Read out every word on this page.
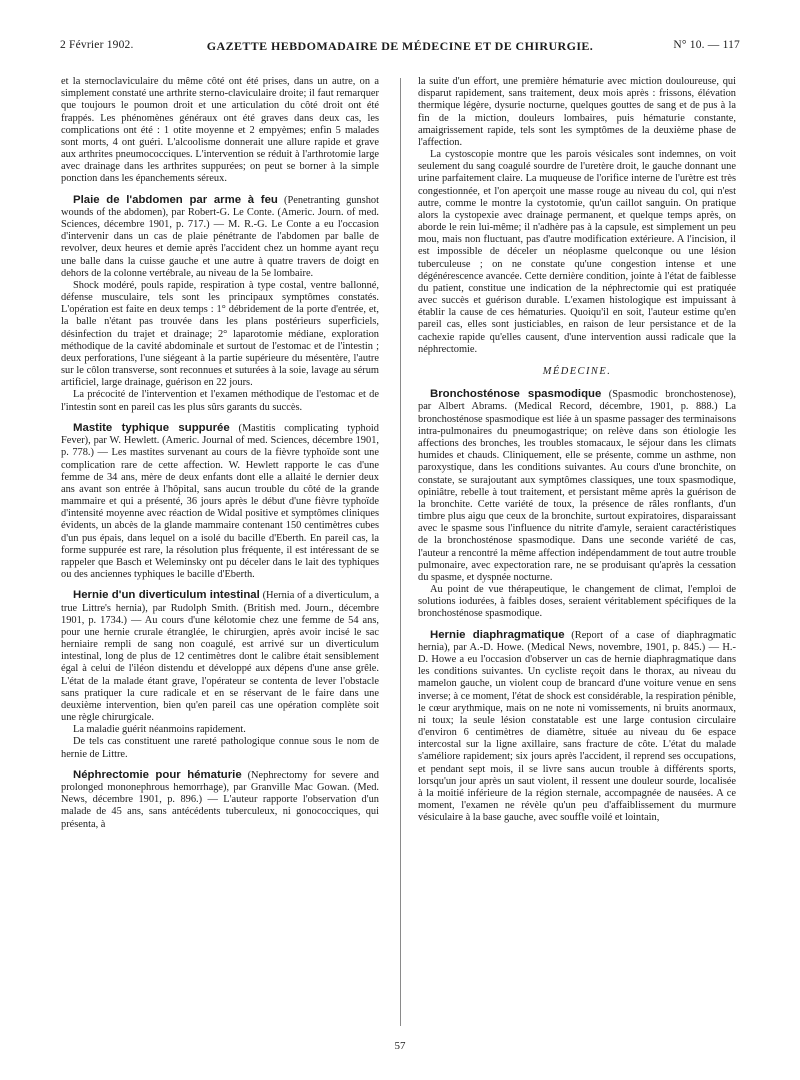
2 Février 1902.	GAZETTE HEBDOMADAIRE DE MÉDECINE ET DE CHIRURGIE.	N° 10. — 117

et la sternoclaviculaire du même côté ont été prises, dans un autre, on a simplement constaté une arthrite sterno-claviculaire droite; il faut remarquer que toujours le poumon droit et une articulation du côté droit ont été frappés. Les phénomènes généraux ont été graves dans deux cas, les complications ont été : 1 otite moyenne et 2 empyèmes; enfin 5 malades sont morts, 4 ont guéri. L'alcoolisme donnerait une allure rapide et grave aux arthrites pneumococciques. L'intervention se réduit à l'arthrotomie large avec drainage dans les arthrites suppurées; on peut se borner à la simple ponction dans les épanchements séreux.

Plaie de l'abdomen par arme à feu (Penetranting gunshot wounds of the abdomen), par Robert-G. Le Conte. (Americ. Journ. of med. Sciences, décembre 1901, p. 717.) — M. R.-G. Le Conte a eu l'occasion d'intervenir dans un cas de plaie pénétrante de l'abdomen par balle de revolver, deux heures et demie après l'accident chez un homme ayant reçu une balle dans la cuisse gauche et une autre à quatre travers de doigt en dehors de la colonne vertébrale, au niveau de la 5e lombaire.

Shock modéré, pouls rapide, respiration à type costal, ventre ballonné, défense musculaire, tels sont les principaux symptômes constatés. L'opération est faite en deux temps : 1° débridement de la porte d'entrée, et, la balle n'étant pas trouvée dans les plans postérieurs superficiels, désinfection du trajet et drainage; 2° laparotomie médiane, exploration méthodique de la cavité abdominale et surtout de l'estomac et de l'intestin ; deux perforations, l'une siégeant à la partie supérieure du mésentère, l'autre sur le côlon transverse, sont reconnues et suturées à la soie, lavage au sérum artificiel, large drainage, guérison en 22 jours.

La précocité de l'intervention et l'examen méthodique de l'estomac et de l'intestin sont en pareil cas les plus sûrs garants du succès.

Mastite typhique suppurée (Mastitis complicating typhoid Fever), par W. Hewlett. (Americ. Journal of med. Sciences, décembre 1901, p. 778.) — Les mastites survenant au cours de la fièvre typhoïde sont une complication rare de cette affection. W. Hewlett rapporte le cas d'une femme de 34 ans, mère de deux enfants dont elle a allaité le dernier deux ans avant son entrée à l'hôpital, sans aucun trouble du côté de la grande mammaire et qui a présenté, 36 jours après le début d'une fièvre typhoïde d'intensité moyenne avec réaction de Widal positive et symptômes cliniques évidents, un abcès de la glande mammaire contenant 150 centimètres cubes d'un pus épais, dans lequel on a isolé du bacille d'Eberth. En pareil cas, la forme suppurée est rare, la résolution plus fréquente, il est intéressant de se rappeler que Basch et Weleminsky ont pu déceler dans le lait des typhiques ou des anciennes typhiques le bacille d'Eberth.

Hernie d'un diverticulum intestinal (Hernia of a diverticulum, a true Littre's hernia), par Rudolph Smith. (British med. Journ., décembre 1901, p. 1734.) — Au cours d'une kélotomie chez une femme de 54 ans, pour une hernie crurale étranglée, le chirurgien, après avoir incisé le sac herniaire rempli de sang non coagulé, est arrivé sur un diverticulum intestinal, long de plus de 12 centimètres dont le calibre était sensiblement égal à celui de l'iléon distendu et développé aux dépens d'une anse grêle. L'état de la malade étant grave, l'opérateur se contenta de lever l'obstacle sans pratiquer la cure radicale et en se réservant de le faire dans une deuxième intervention, bien qu'en pareil cas une opération complète soit une règle chirurgicale.

La maladie guérit néanmoins rapidement.

De tels cas constituent une rareté pathologique connue sous le nom de hernie de Littre.

Néphrectomie pour hématurie (Nephrectomy for severe and prolonged mononephrous hemorrhage), par Granville Mac Gowan. (Med. News, décembre 1901, p. 896.) — L'auteur rapporte l'observation d'un malade de 45 ans, sans antécédents tuberculeux, ni gonococciques, qui présenta, à

la suite d'un effort, une première hématurie avec miction douloureuse, qui disparut rapidement, sans traitement, deux mois après : frissons, élévation thermique légère, dysurie nocturne, quelques gouttes de sang et de pus à la fin de la miction, douleurs lombaires, puis hématurie constante, amaigrissement rapide, tels sont les symptômes de la deuxième phase de l'affection.

La cystoscopie montre que les parois vésicales sont indemnes, on voit seulement du sang coagulé sourdre de l'uretère droit, le gauche donnant une urine parfaitement claire. La muqueuse de l'orifice interne de l'urètre est très congestionnée, et l'on aperçoit une masse rouge au niveau du col, qui n'est autre, comme le montre la cystotomie, qu'un caillot sanguin. On pratique alors la cystopexie avec drainage permanent, et quelque temps après, on aborde le rein lui-même; il n'adhère pas à la capsule, est simplement un peu mou, mais non fluctuant, pas d'autre modification extérieure. A l'incision, il est impossible de déceler un néoplasme quelconque ou une lésion tuberculeuse ; on ne constate qu'une congestion intense et une dégénérescence avancée. Cette dernière condition, jointe à l'état de faiblesse du patient, constitue une indication de la néphrectomie qui est pratiquée avec succès et guérison durable. L'examen histologique est impuissant à établir la cause de ces hématuries. Quoiqu'il en soit, l'auteur estime qu'en pareil cas, elles sont justiciables, en raison de leur persistance et de la cachexie rapide qu'elles causent, d'une intervention aussi radicale que la néphrectomie.

MÉDECINE.

Bronchosténose spasmodique (Spasmodic bronchostenose), par Albert Abrams. (Medical Record, décembre, 1901, p. 888.) La bronchosténose spasmodique est liée à un spasme passager des terminaisons intra-pulmonaires du pneumogastrique; on relève dans son étiologie les affections des bronches, les troubles stomacaux, le séjour dans les climats humides et chauds. Cliniquement, elle se présente, comme un asthme, non paroxystique, dans les conditions suivantes. Au cours d'une bronchite, on constate, se surajoutant aux symptômes classiques, une toux spasmodique, opiniâtre, rebelle à tout traitement, et persistant même après la guérison de la bronchite. Cette variété de toux, la présence de râles ronflants, d'un timbre plus aigu que ceux de la bronchite, surtout expiratoires, disparaissant avec le spasme sous l'influence du nitrite d'amyle, seraient caractéristiques de la bronchosténose spasmodique. Dans une seconde variété de cas, l'auteur a rencontré la même affection indépendamment de tout autre trouble pulmonaire, avec expectoration rare, ne se produisant qu'après la cessation du spasme, et dyspnée nocturne.

Au point de vue thérapeutique, le changement de climat, l'emploi de solutions iodurées, à faibles doses, seraient véritablement spécifiques de la bronchosténose spasmodique.

Hernie diaphragmatique (Report of a case of diaphragmatic hernia), par A.-D. Howe. (Medical News, novembre, 1901, p. 845.) — H.-D. Howe a eu l'occasion d'observer un cas de hernie diaphragmatique dans les conditions suivantes. Un cycliste reçoit dans le thorax, au niveau du mamelon gauche, un violent coup de brancard d'une voiture venue en sens inverse; à ce moment, l'état de shock est considérable, la respiration pénible, le cœur arythmique, mais on ne note ni vomissements, ni bruits anormaux, ni toux; la seule lésion constatable est une large contusion circulaire d'environ 6 centimètres de diamètre, située au niveau du 6e espace intercostal sur la ligne axillaire, sans fracture de côte. L'état du malade s'améliore rapidement; six jours après l'accident, il reprend ses occupations, et pendant sept mois, il se livre sans aucun trouble à différents sports, lorsqu'un jour après un saut violent, il ressent une douleur sourde, localisée à la moitié inférieure de la région sternale, accompagnée de nausées. A ce moment, l'examen ne révèle qu'un peu d'affaiblissement du murmure vésiculaire à la base gauche, avec souffle voilé et lointain,

57
